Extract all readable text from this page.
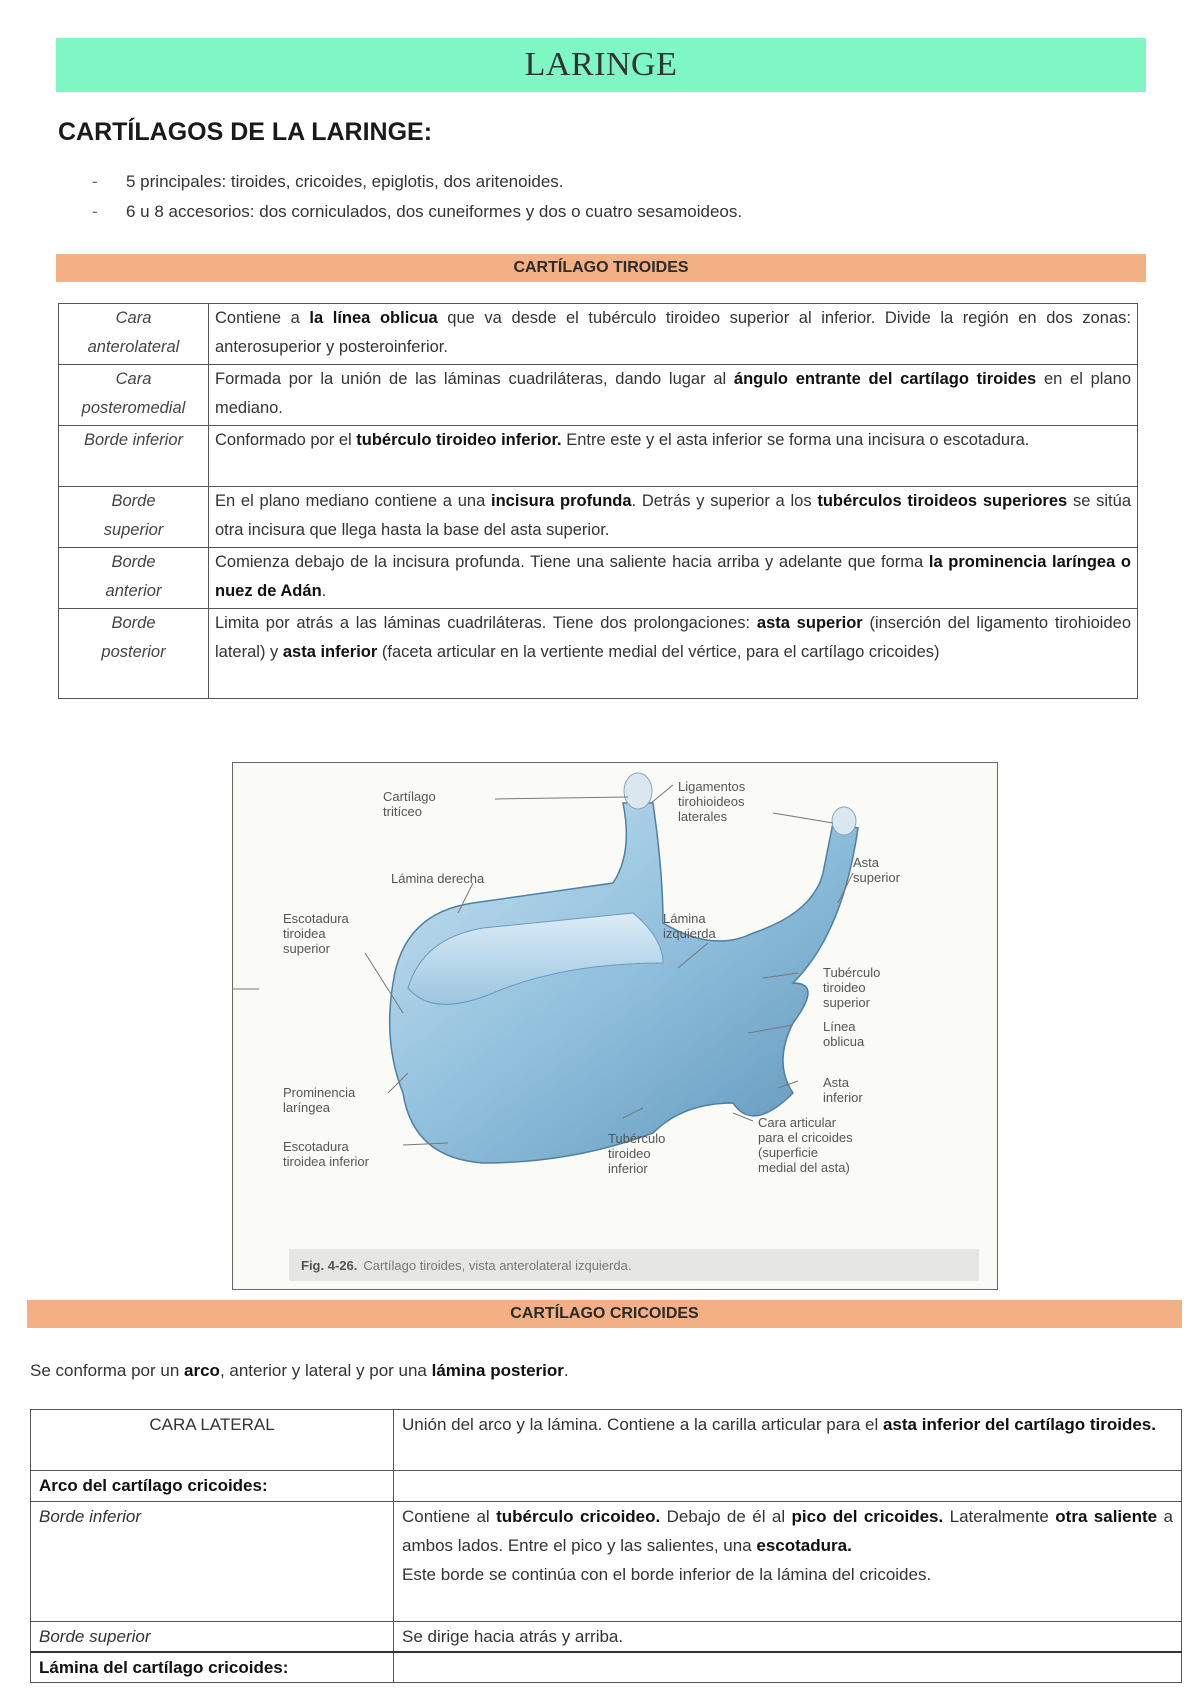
LARINGE
CARTÍLAGOS DE LA LARINGE:
- 5 principales: tiroides, cricoides, epiglotis, dos aritenoides.
- 6 u 8 accesorios: dos corniculados, dos cuneiformes y dos o cuatro sesamoideos.
CARTÍLAGO TIROIDES
Cara
anterolateral	Contiene a la línea oblicua que va desde el tubérculo tiroideo superior al inferior. Divide la región en dos zonas: anterosuperior y posteroinferior.
Cara
posteromedial	Formada por la unión de las láminas cuadriláteras, dando lugar al ángulo entrante del cartílago tiroides en el plano mediano.
Borde inferior	Conformado por el tubérculo tiroideo inferior. Entre este y el asta inferior se forma una incisura o escotadura.
Borde
superior	En el plano mediano contiene a una incisura profunda. Detrás y superior a los tubérculos tiroideos superiores se sitúa otra incisura que llega hasta la base del asta superior.
Borde
anterior	Comienza debajo de la incisura profunda. Tiene una saliente hacia arriba y adelante que forma la prominencia laríngea o nuez de Adán.
Borde
posterior	Limita por atrás a las láminas cuadriláteras. Tiene dos prolongaciones: asta superior (inserción del ligamento tirohioideo lateral) y asta inferior (faceta articular en la vertiente medial del vértice, para el cartílago cricoides)
Cartílago
tritíceo
Ligamentos
tirohioideos
laterales
Lámina derecha
Asta
superior
Escotadura
tiroidea
superior
Lámina
izquierda
Tubérculo
tiroideo
superior
Línea
oblicua
Asta
inferior
Prominencia
laríngea
Cara articular
para el cricoides
(superficie
medial del asta)
Escotadura
tiroidea inferior
Tubérculo
tiroideo
inferior
Fig. 4-26. Cartílago tiroides, vista anterolateral izquierda.
CARTÍLAGO CRICOIDES
Se conforma por un arco, anterior y lateral y por una lámina posterior.
CARA LATERAL	Unión del arco y la lámina. Contiene a la carilla articular para el asta inferior del cartílago tiroides.
Arco del cartílago cricoides:	
Borde inferior	Contiene al tubérculo cricoideo. Debajo de él al pico del cricoides. Lateralmente otra saliente a ambos lados. Entre el pico y las salientes, una escotadura.
Este borde se continúa con el borde inferior de la lámina del cricoides.
Borde superior	Se dirige hacia atrás y arriba.
Lámina del cartílago cricoides:	
